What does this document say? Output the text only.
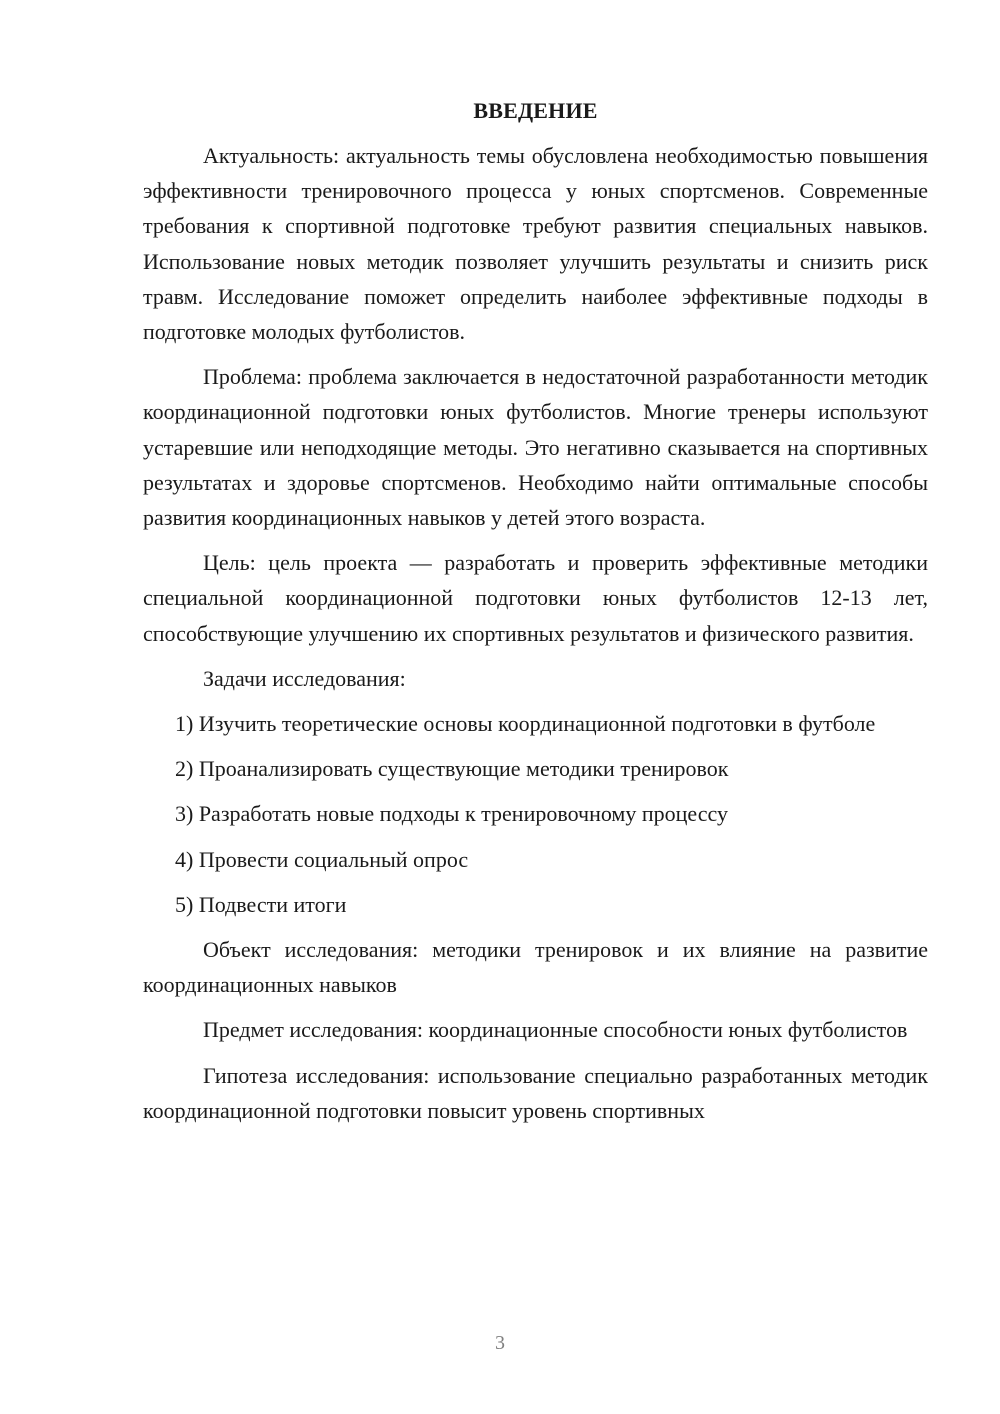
ВВЕДЕНИЕ

Актуальность: актуальность темы обусловлена необходимостью повышения эффективности тренировочного процесса у юных спортсменов. Современные требования к спортивной подготовке требуют развития специальных навыков. Использование новых методик позволяет улучшить результаты и снизить риск травм. Исследование поможет определить наиболее эффективные подходы в подготовке молодых футболистов.

Проблема: проблема заключается в недостаточной разработанности методик координационной подготовки юных футболистов. Многие тренеры используют устаревшие или неподходящие методы. Это негативно сказывается на спортивных результатах и здоровье спортсменов. Необходимо найти оптимальные способы развития координационных навыков у детей этого возраста.

Цель: цель проекта — разработать и проверить эффективные методики специальной координационной подготовки юных футболистов 12-13 лет, способствующие улучшению их спортивных результатов и физического развития.

Задачи исследования:

1) Изучить теоретические основы координационной подготовки в футболе

2) Проанализировать существующие методики тренировок

3) Разработать новые подходы к тренировочному процессу

4) Провести социальный опрос

5) Подвести итоги

Объект исследования: методики тренировок и их влияние на развитие координационных навыков

Предмет исследования: координационные способности юных футболистов

Гипотеза исследования: использование специально разработанных методик координационной подготовки повысит уровень спортивных

3
